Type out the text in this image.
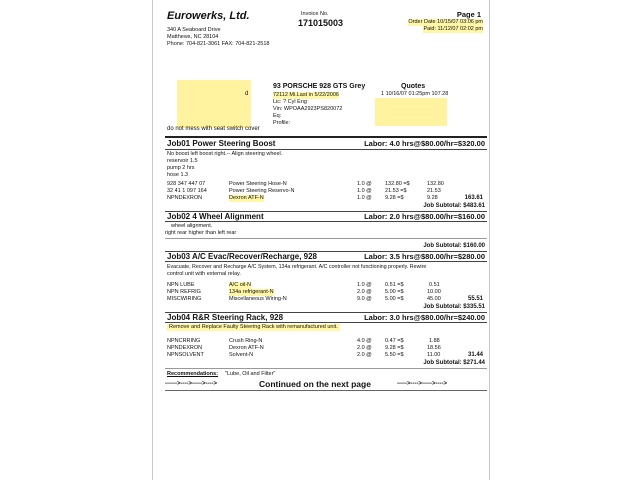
Eurowerks, Ltd.
340 A Seaboard Drive
Matthews, NC 28104
Phone: 704-821-3061 FAX: 704-821-2518
Invoice No.
171015003
Page 1
Order Date 10/15/07 03:06 pm
Paid: 11/12/07 02:02 pm
d
93 PORSCHE 928 GTS Grey
72112 Mi.Last in 5/22/2006
Lic: ? Cyl Eng
Vin: WPOAA2923PS820072
Eq:
Profile:
do not mess with seat switch cover
Quotes
1 10/16/07 01:25pm 107.28
Job01 Power Steering Boost	Labor: 4.0 hrs@$80.00/hr=$320.00
No boost left boost right.-- Align steering wheel.
reservoir 1.5
pump 2 hrs
hose 1.3
928 347 447 07	Power Steering Hose-N	1.0 @ 132.80 =$	132.80
32 41 1 097 164	Power Steering Reservo-N	1.0 @ 21.53 =$	21.53
NPNDEXRON	Dexron ATF-N	1.0 @ 9.28 =$	9.28	163.61
Job Subtotal: $483.61
Job02 4 Wheel Alignment	Labor: 2.0 hrs@$80.00/hr=$160.00
wheel alignment.
right rear higher than left rear
Job Subtotal: $160.00
Job03 A/C Evac/Recover/Recharge, 928	Labor: 3.5 hrs@$80.00/hr=$280.00
Evacuate, Recover and Recharge A/C System, 134a refrigerant. A/C controller not functioning properly. Rewire
control unit with external relay.
NPN LUBE	A/C oil-N	1.0 @ 0.51 =$	0.51
NPN REFRIG	134a refrigerant-N	2.0 @ 5.00 =$	10.00
MISCWIRING	Miscellaneous Wiring-N	9.0 @ 5.00 =$	45.00	55.51
Job Subtotal: $335.51
Job04 R&R Steering Rack, 928	Labor: 3.0 hrs@$80.00/hr=$240.00
Remove and Replace Faulty Steering Rack with remanufactured unit.
NPNCRRING	Crush Ring-N	4.0 @ 0.47 =$	1.88
NPNDEXRON	Dexron ATF-N	2.0 @ 9.28 =$	18.56
NPNSOLVENT	Solvent-N	2.0 @ 5.50 =$	11.00	31.44
Job Subtotal: $271.44
Recommendations: "Lube, Oil and Filter"
------>---->----->---->	Continued on the next page	----->---->----->---->
